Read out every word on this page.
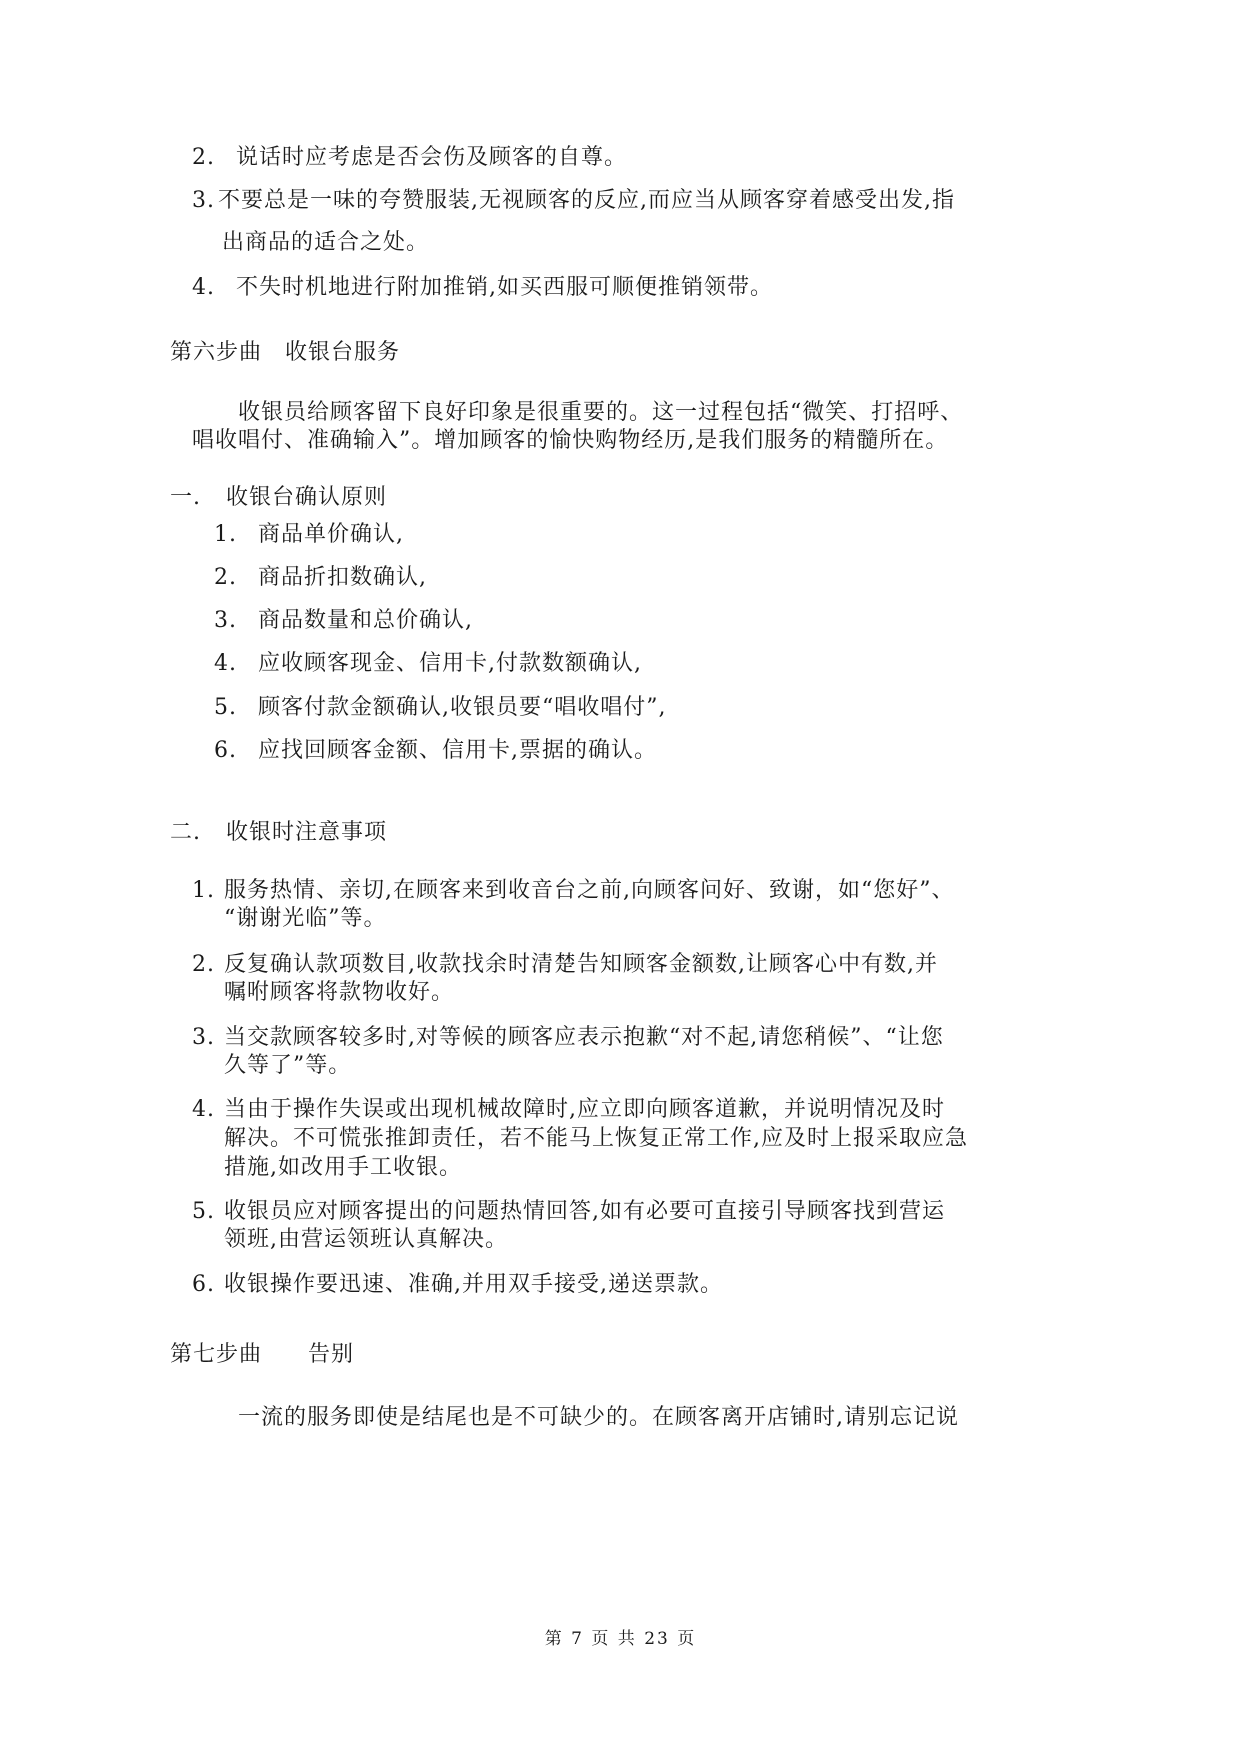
2. 说话时应考虑是否会伤及顾客的自尊。
3. 不要总是一味的夸赞服装,无视顾客的反应,而应当从顾客穿着感受出发,指
出商品的适合之处。
4. 不失时机地进行附加推销,如买西服可顺便推销领带。
第六步曲　收银台服务
收银员给顾客留下良好印象是很重要的。这一过程包括“微笑、打招呼、
唱收唱付、准确输入”。增加顾客的愉快购物经历,是我们服务的精髓所在。
一. 收银台确认原则
1. 商品单价确认,
2. 商品折扣数确认,
3. 商品数量和总价确认,
4. 应收顾客现金、信用卡,付款数额确认,
5. 顾客付款金额确认,收银员要“唱收唱付”,
6. 应找回顾客金额、信用卡,票据的确认。
二. 收银时注意事项
1. 服务热情、亲切,在顾客来到收音台之前,向顾客问好、致谢，如“您好”、
“谢谢光临”等。
2. 反复确认款项数目,收款找余时清楚告知顾客金额数,让顾客心中有数,并
嘱咐顾客将款物收好。
3. 当交款顾客较多时,对等候的顾客应表示抱歉“对不起,请您稍候”、“让您
久等了”等。
4. 当由于操作失误或出现机械故障时,应立即向顾客道歉，并说明情况及时
解决。不可慌张推卸责任，若不能马上恢复正常工作,应及时上报采取应急
措施,如改用手工收银。
5. 收银员应对顾客提出的问题热情回答,如有必要可直接引导顾客找到营运
领班,由营运领班认真解决。
6. 收银操作要迅速、准确,并用双手接受,递送票款。
第七步曲　　告别
一流的服务即使是结尾也是不可缺少的。在顾客离开店铺时,请别忘记说
第 7 页 共 23 页
